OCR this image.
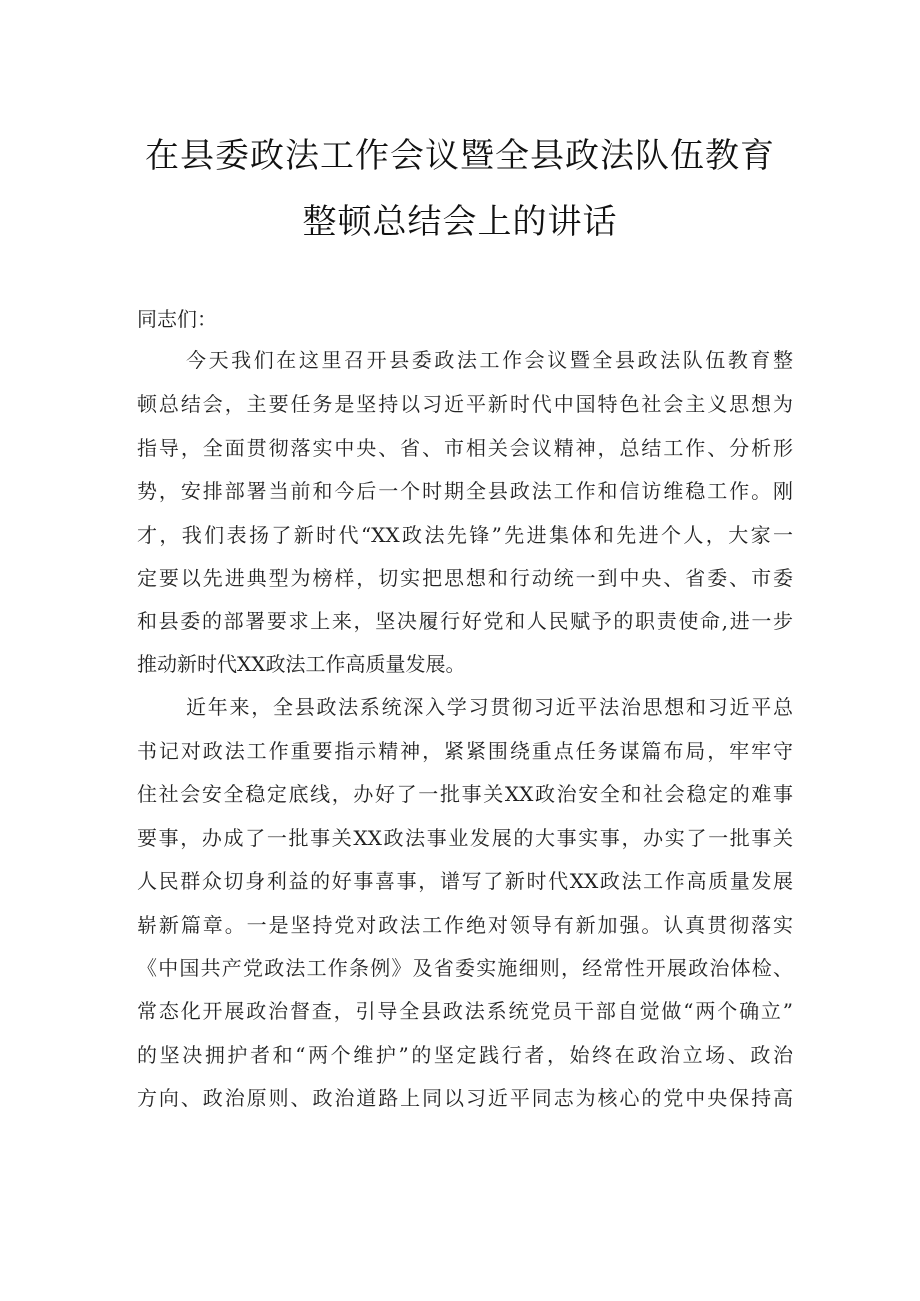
在县委政法工作会议暨全县政法队伍教育
整顿总结会上的讲话
同志们：
今天我们在这里召开县委政法工作会议暨全县政法队伍教育整
顿总结会，主要任务是坚持以习近平新时代中国特色社会主义思想为
指导，全面贯彻落实中央、省、市相关会议精神，总结工作、分析形
势，安排部署当前和今后一个时期全县政法工作和信访维稳工作。刚
才，我们表扬了新时代“XX政法先锋”先进集体和先进个人，大家一
定要以先进典型为榜样，切实把思想和行动统一到中央、省委、市委
和县委的部署要求上来，坚决履行好党和人民赋予的职责使命,进一步
推动新时代XX政法工作高质量发展。
近年来，全县政法系统深入学习贯彻习近平法治思想和习近平总
书记对政法工作重要指示精神，紧紧围绕重点任务谋篇布局，牢牢守
住社会安全稳定底线，办好了一批事关XX政治安全和社会稳定的难事
要事，办成了一批事关XX政法事业发展的大事实事，办实了一批事关
人民群众切身利益的好事喜事，谱写了新时代XX政法工作高质量发展
崭新篇章。一是坚持党对政法工作绝对领导有新加强。认真贯彻落实
《中国共产党政法工作条例》及省委实施细则，经常性开展政治体检、
常态化开展政治督查，引导全县政法系统党员干部自觉做“两个确立”
的坚决拥护者和“两个维护”的坚定践行者，始终在政治立场、政治
方向、政治原则、政治道路上同以习近平同志为核心的党中央保持高
